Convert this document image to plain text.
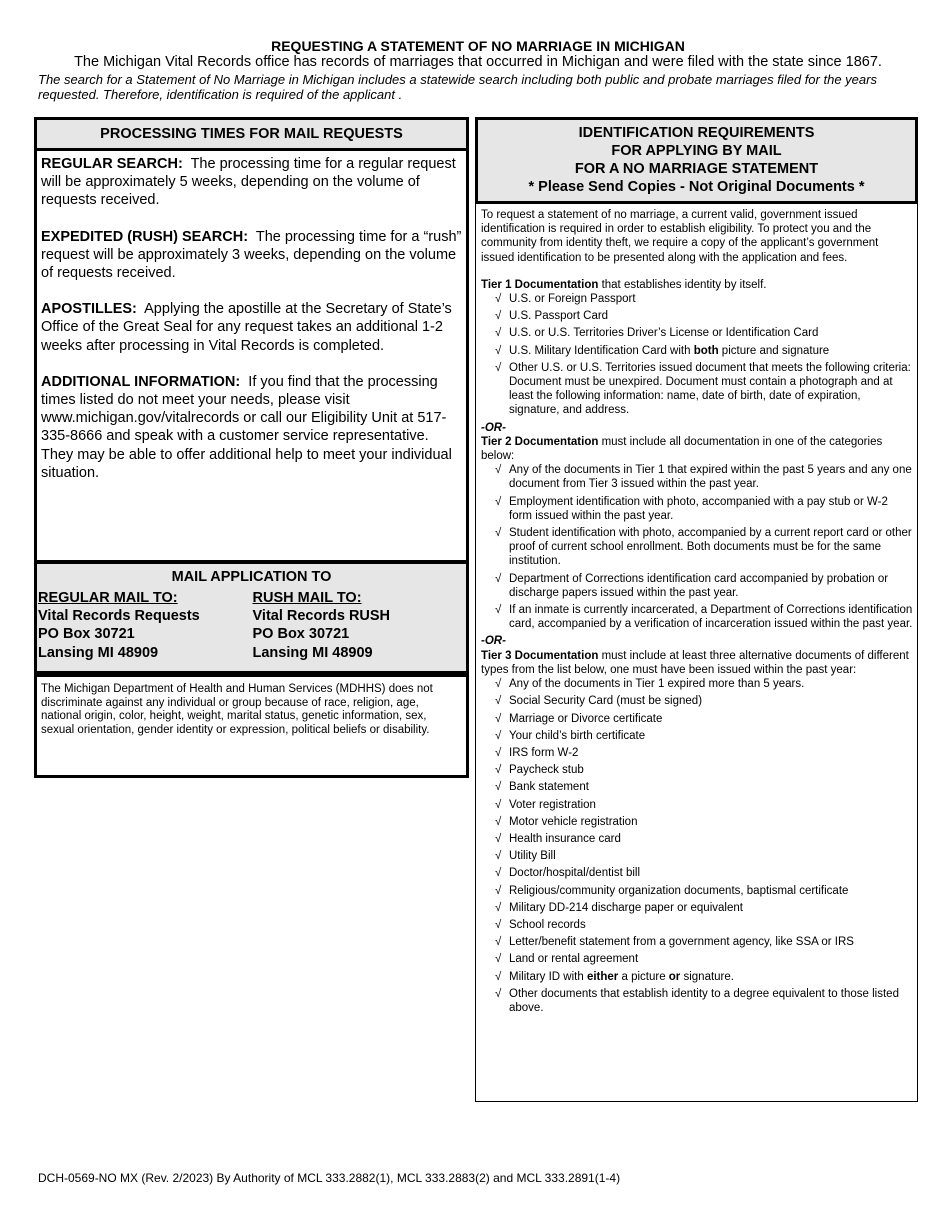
REQUESTING A STATEMENT OF NO MARRIAGE IN MICHIGAN
The Michigan Vital Records office has records of marriages that occurred in Michigan and were filed with the state since 1867.
The search for a Statement of No Marriage in Michigan includes a statewide search including both public and probate marriages filed for the years requested. Therefore, identification is required of the applicant .
PROCESSING TIMES FOR MAIL REQUESTS
REGULAR SEARCH: The processing time for a regular request will be approximately 5 weeks, depending on the volume of requests received.
EXPEDITED (RUSH) SEARCH: The processing time for a “rush” request will be approximately 3 weeks, depending on the volume of requests received.
APOSTILLES: Applying the apostille at the Secretary of State’s Office of the Great Seal for any request takes an additional 1-2 weeks after processing in Vital Records is completed.
ADDITIONAL INFORMATION: If you find that the processing times listed do not meet your needs, please visit www.michigan.gov/vitalrecords or call our Eligibility Unit at 517-335-8666 and speak with a customer service representative. They may be able to offer additional help to meet your individual situation.
MAIL APPLICATION TO
REGULAR MAIL TO:
Vital Records Requests
PO Box 30721
Lansing MI 48909
RUSH MAIL TO:
Vital Records RUSH
PO Box 30721
Lansing MI 48909
The Michigan Department of Health and Human Services (MDHHS) does not discriminate against any individual or group because of race, religion, age, national origin, color, height, weight, marital status, genetic information, sex, sexual orientation, gender identity or expression, political beliefs or disability.
IDENTIFICATION REQUIREMENTS
FOR APPLYING BY MAIL
FOR A NO MARRIAGE STATEMENT
* Please Send Copies - Not Original Documents *
To request a statement of no marriage, a current valid, government issued identification is required in order to establish eligibility. To protect you and the community from identity theft, we require a copy of the applicant’s government issued identification to be presented along with the application and fees.
Tier 1 Documentation that establishes identity by itself.
√ U.S. or Foreign Passport
√ U.S. Passport Card
√ U.S. or U.S. Territories Driver’s License or Identification Card
√ U.S. Military Identification Card with both picture and signature
√ Other U.S. or U.S. Territories issued document that meets the following criteria: Document must be unexpired. Document must contain a photograph and at least the following information: name, date of birth, date of expiration, signature, and address.
-OR-
Tier 2 Documentation must include all documentation in one of the categories below:
√ Any of the documents in Tier 1 that expired within the past 5 years and any one document from Tier 3 issued within the past year.
√ Employment identification with photo, accompanied with a pay stub or W-2 form issued within the past year.
√ Student identification with photo, accompanied by a current report card or other proof of current school enrollment. Both documents must be for the same institution.
√ Department of Corrections identification card accompanied by probation or discharge papers issued within the past year.
√ If an inmate is currently incarcerated, a Department of Corrections identification card, accompanied by a verification of incarceration issued within the past year.
-OR-
Tier 3 Documentation must include at least three alternative documents of different types from the list below, one must have been issued within the past year:
√ Any of the documents in Tier 1 expired more than 5 years.
√ Social Security Card (must be signed)
√ Marriage or Divorce certificate
√ Your child’s birth certificate
√ IRS form W-2
√ Paycheck stub
√ Bank statement
√ Voter registration
√ Motor vehicle registration
√ Health insurance card
√ Utility Bill
√ Doctor/hospital/dentist bill
√ Religious/community organization documents, baptismal certificate
√ Military DD-214 discharge paper or equivalent
√ School records
√ Letter/benefit statement from a government agency, like SSA or IRS
√ Land or rental agreement
√ Military ID with either a picture or signature.
√ Other documents that establish identity to a degree equivalent to those listed above.
DCH-0569-NO MX (Rev. 2/2023) By Authority of MCL 333.2882(1), MCL 333.2883(2) and MCL 333.2891(1-4)
